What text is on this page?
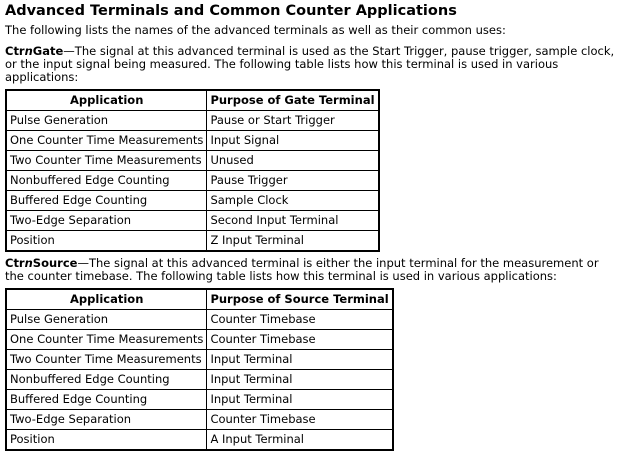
Advanced Terminals and Common Counter Applications

The following lists the names of the advanced terminals as well as their common uses:

CtrnGate—The signal at this advanced terminal is used as the Start Trigger, pause trigger, sample clock, or the input signal being measured. The following table lists how this terminal is used in various applications:

Application	Purpose of Gate Terminal
Pulse Generation	Pause or Start Trigger
One Counter Time Measurements	Input Signal
Two Counter Time Measurements	Unused
Nonbuffered Edge Counting	Pause Trigger
Buffered Edge Counting	Sample Clock
Two-Edge Separation	Second Input Terminal
Position	Z Input Terminal

CtrnSource—The signal at this advanced terminal is either the input terminal for the measurement or the counter timebase. The following table lists how this terminal is used in various applications:

Application	Purpose of Source Terminal
Pulse Generation	Counter Timebase
One Counter Time Measurements	Counter Timebase
Two Counter Time Measurements	Input Terminal
Nonbuffered Edge Counting	Input Terminal
Buffered Edge Counting	Input Terminal
Two-Edge Separation	Counter Timebase
Position	A Input Terminal
